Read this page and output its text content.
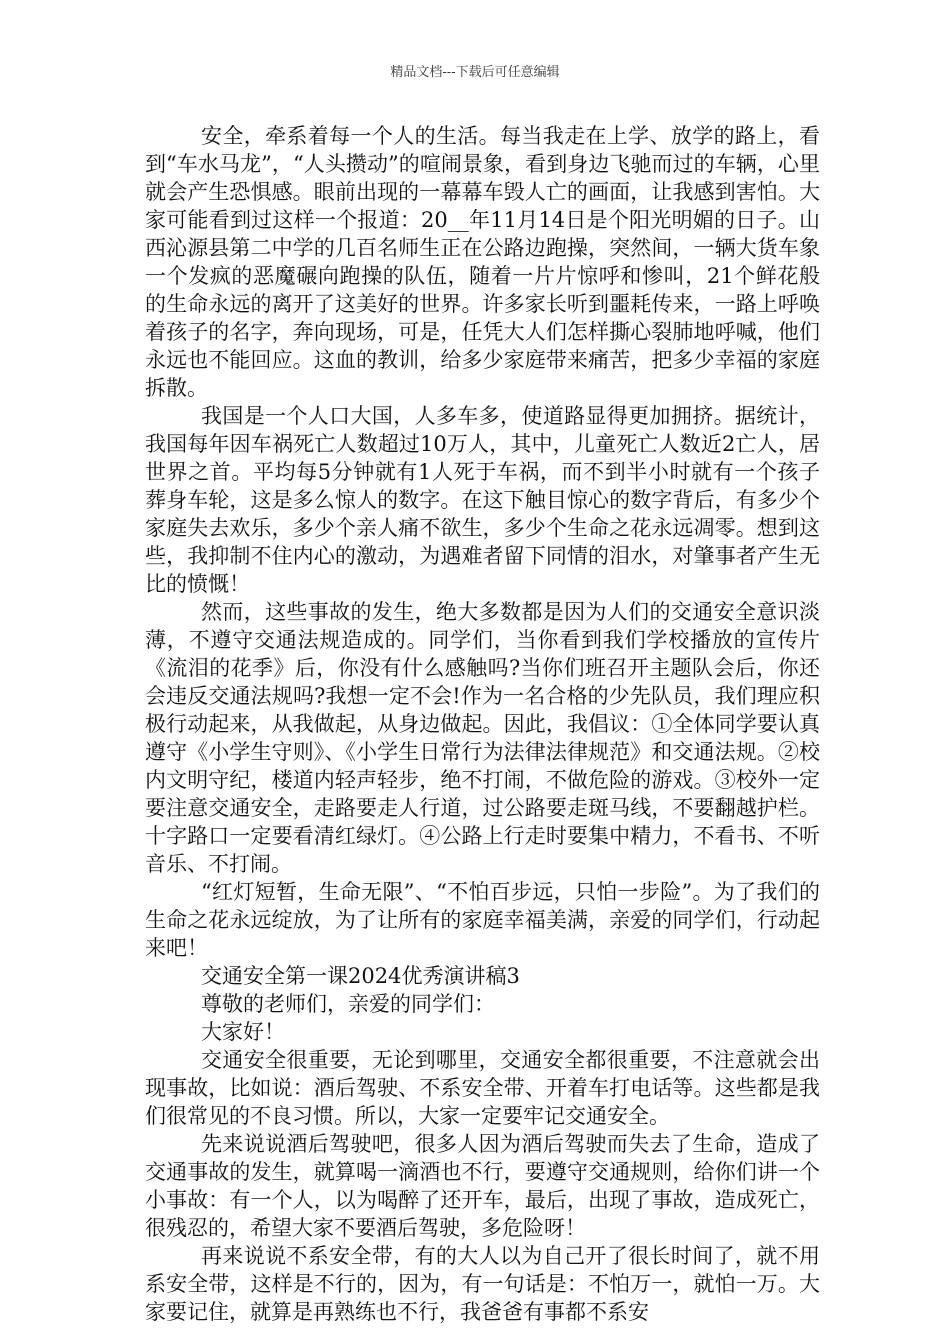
精品文档---下载后可任意编辑

安全，牵系着每一个人的生活。每当我走在上学、放学的路上，看到“车水马龙”，“人头攒动”的喧闹景象，看到身边飞驰而过的车辆，心里就会产生恐惧感。眼前出现的一幕幕车毁人亡的画面，让我感到害怕。大家可能看到过这样一个报道：20__年11月14日是个阳光明媚的日子。山西沁源县第二中学的几百名师生正在公路边跑操，突然间，一辆大货车象一个发疯的恶魔碾向跑操的队伍，随着一片片惊呼和惨叫，21个鲜花般的生命永远的离开了这美好的世界。许多家长听到噩耗传来，一路上呼唤着孩子的名字，奔向现场，可是，任凭大人们怎样撕心裂肺地呼喊，他们永远也不能回应。这血的教训，给多少家庭带来痛苦，把多少幸福的家庭拆散。

我国是一个人口大国，人多车多，使道路显得更加拥挤。据统计，我国每年因车祸死亡人数超过10万人，其中，儿童死亡人数近2亡人，居世界之首。平均每5分钟就有1人死于车祸，而不到半小时就有一个孩子葬身车轮，这是多么惊人的数字。在这下触目惊心的数字背后，有多少个家庭失去欢乐，多少个亲人痛不欲生，多少个生命之花永远凋零。想到这些，我抑制不住内心的激动，为遇难者留下同情的泪水，对肇事者产生无比的愤慨！

然而，这些事故的发生，绝大多数都是因为人们的交通安全意识淡薄，不遵守交通法规造成的。同学们，当你看到我们学校播放的宣传片《流泪的花季》后，你没有什么感触吗?当你们班召开主题队会后，你还会违反交通法规吗?我想一定不会!作为一名合格的少先队员，我们理应积极行动起来，从我做起，从身边做起。因此，我倡议：①全体同学要认真遵守《小学生守则》、《小学生日常行为法律法律规范》和交通法规。②校内文明守纪，楼道内轻声轻步，绝不打闹，不做危险的游戏。③校外一定要注意交通安全，走路要走人行道，过公路要走斑马线，不要翻越护栏。十字路口一定要看清红绿灯。④公路上行走时要集中精力，不看书、不听音乐、不打闹。

“红灯短暂，生命无限”、“不怕百步远，只怕一步险”。为了我们的生命之花永远绽放，为了让所有的家庭幸福美满，亲爱的同学们，行动起来吧！

交通安全第一课2024优秀演讲稿3

尊敬的老师们，亲爱的同学们：

大家好！

交通安全很重要，无论到哪里，交通安全都很重要，不注意就会出现事故，比如说：酒后驾驶、不系安全带、开着车打电话等。这些都是我们很常见的不良习惯。所以，大家一定要牢记交通安全。

先来说说酒后驾驶吧，很多人因为酒后驾驶而失去了生命，造成了交通事故的发生，就算喝一滴酒也不行，要遵守交通规则，给你们讲一个小事故：有一个人，以为喝醉了还开车，最后，出现了事故，造成死亡，很残忍的，希望大家不要酒后驾驶，多危险呀！

再来说说不系安全带，有的大人以为自己开了很长时间了，就不用系安全带，这样是不行的，因为，有一句话是：不怕万一，就怕一万。大家要记住，就算是再熟练也不行，我爸爸有事都不系安
